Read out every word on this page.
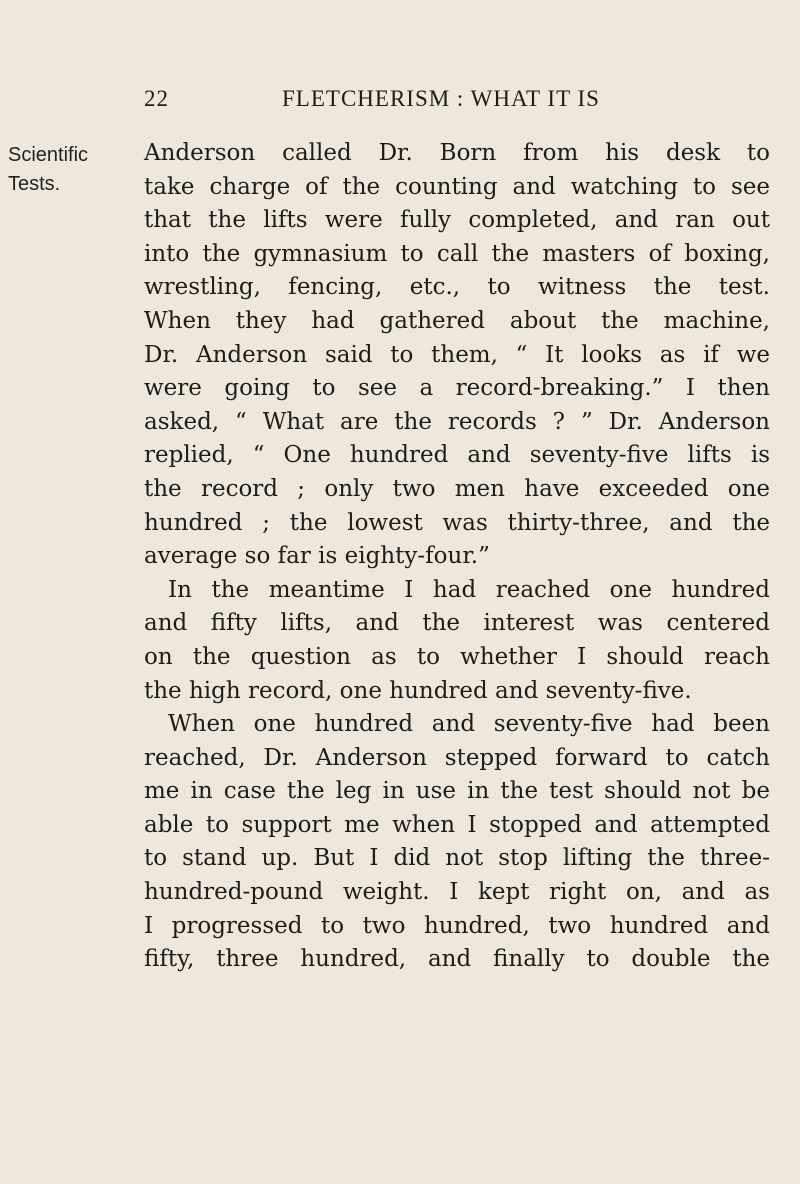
22	FLETCHERISM : WHAT IT IS
Scientific
Tests.
Anderson called Dr. Born from his desk to
take charge of the counting and watching to see
that the lifts were fully completed, and ran out
into the gymnasium to call the masters of boxing,
wrestling, fencing, etc., to witness the test.
When they had gathered about the machine,
Dr. Anderson said to them, “ It looks as if we
were going to see a record-breaking.” I then
asked, “ What are the records ? ” Dr. Anderson
replied, “ One hundred and seventy-five lifts is
the record ; only two men have exceeded one
hundred ; the lowest was thirty-three, and the
average so far is eighty-four.”
In the meantime I had reached one hundred
and fifty lifts, and the interest was centered
on the question as to whether I should reach
the high record, one hundred and seventy-five.
When one hundred and seventy-five had been
reached, Dr. Anderson stepped forward to catch
me in case the leg in use in the test should not be
able to support me when I stopped and attempted
to stand up. But I did not stop lifting the three-
hundred-pound weight. I kept right on, and as
I progressed to two hundred, two hundred and
fifty, three hundred, and finally to double the
